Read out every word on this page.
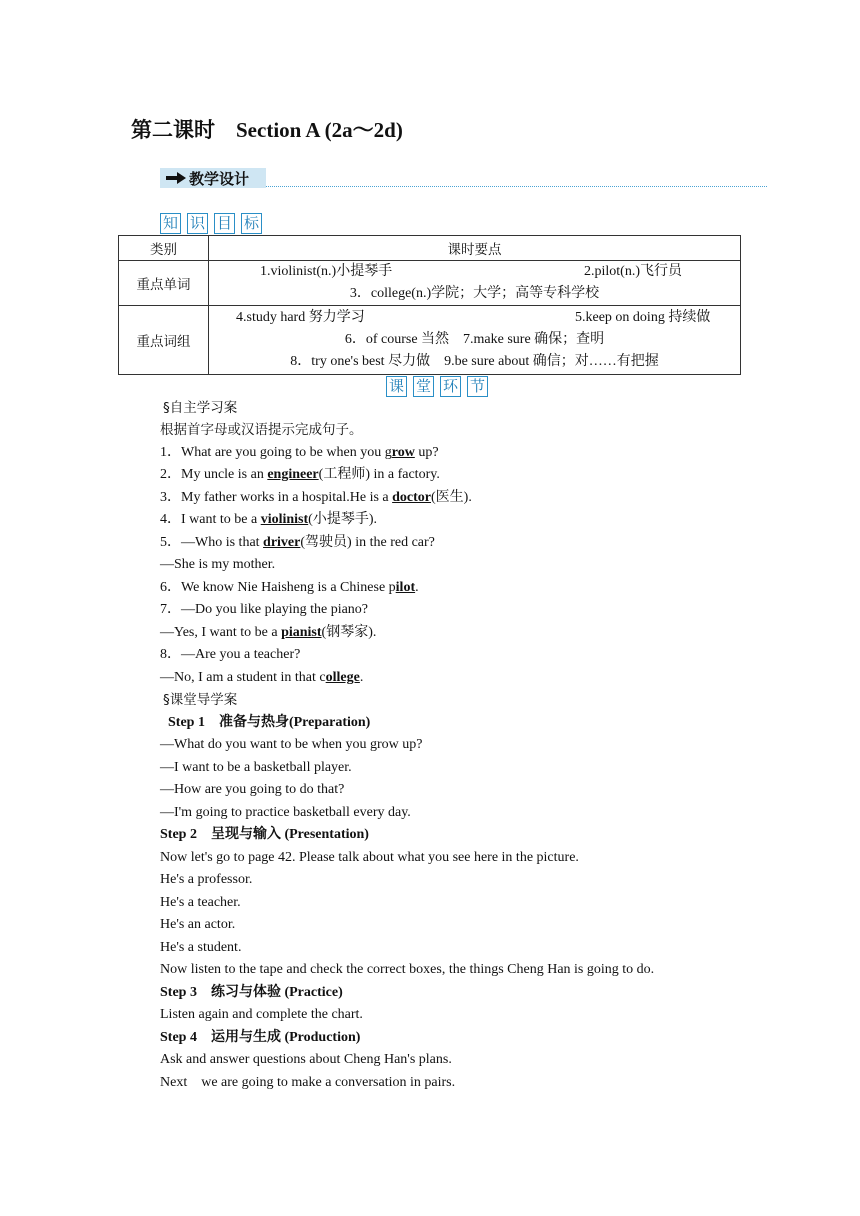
第二课时　Section A (2a～2d)
教学设计
知 识 目 标
类别	课时要点
重点单词	1.violinist(n.)小提琴手 2.pilot(n.)飞行员
3．college(n.)学院；大学；高等专科学校

重点词组	4.study hard 努力学习 5.keep on doing 持续做
6．of course 当然　7.make sure 确保；查明
8．try one's best 尽力做　9.be sure about 确信；对……有把握
课 堂 环 节
§自主学习案
根据首字母或汉语提示完成句子。
1．What are you going to be when you grow up?
2．My uncle is an engineer(工程师) in a factory.
3．My father works in a hospital.He is a doctor(医生).
4．I want to be a violinist(小提琴手).
5．—Who is that driver(驾驶员) in the red car?
—She is my mother.
6．We know Nie Haisheng is a Chinese pilot.
7．—Do you like playing the piano?
—Yes, I want to be a pianist(钢琴家).
8．—Are you a teacher?
—No, I am a student in that college.
§课堂导学案
Step 1　准备与热身(Preparation)
—What do you want to be when you grow up?
—I want to be a basketball player.
—How are you going to do that?
—I'm going to practice basketball every day.
Step 2　呈现与输入 (Presentation)
Now let's go to page 42. Please talk about what you see here in the picture.
He's a professor.
He's a teacher.
He's an actor.
He's a student.
Now listen to the tape and check the correct boxes, the things Cheng Han is going to do.
Step 3　练习与体验 (Practice)
Listen again and complete the chart.
Step 4　运用与生成 (Production)
Ask and answer questions about Cheng Han's plans.
Next　we are going to make a conversation in pairs.
